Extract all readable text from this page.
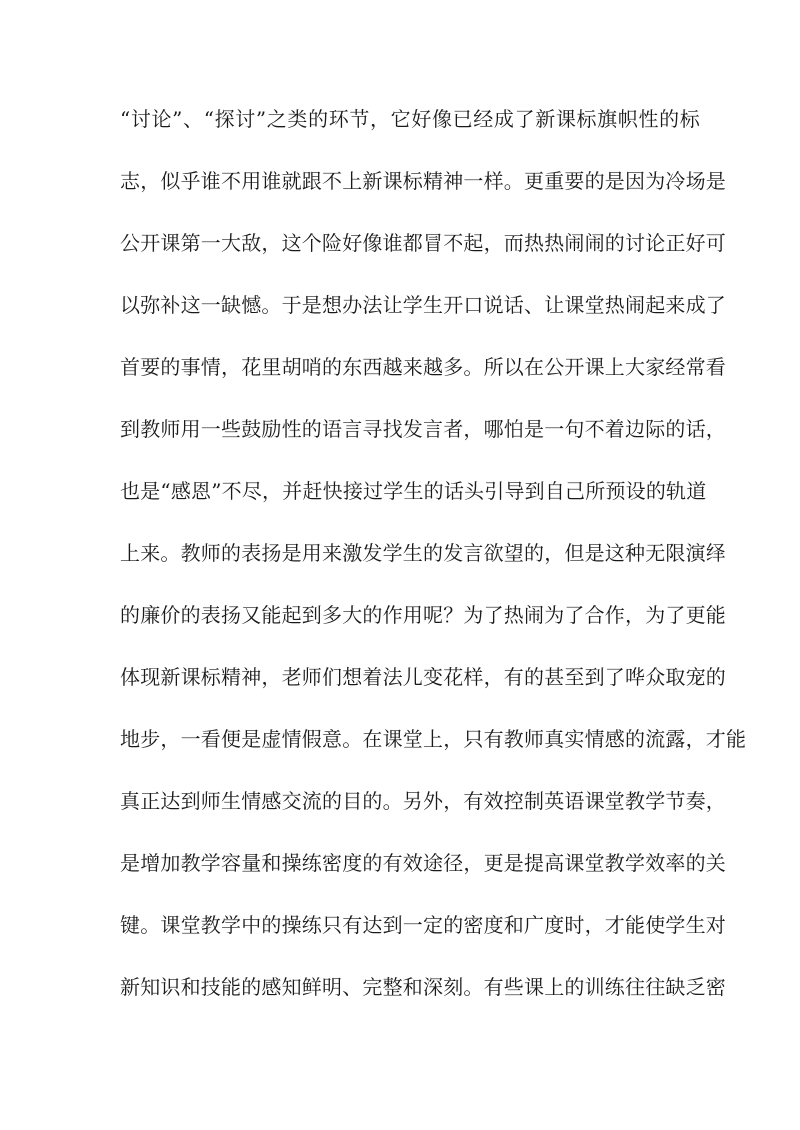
“讨论”、“探讨”之类的环节，它好像已经成了新课标旗帜性的标
志，似乎谁不用谁就跟不上新课标精神一样。更重要的是因为冷场是
公开课第一大敌，这个险好像谁都冒不起，而热热闹闹的讨论正好可
以弥补这一缺憾。于是想办法让学生开口说话、让课堂热闹起来成了
首要的事情，花里胡哨的东西越来越多。所以在公开课上大家经常看
到教师用一些鼓励性的语言寻找发言者，哪怕是一句不着边际的话，
也是“感恩”不尽，并赶快接过学生的话头引导到自己所预设的轨道
上来。教师的表扬是用来激发学生的发言欲望的，但是这种无限演绎
的廉价的表扬又能起到多大的作用呢？为了热闹为了合作，为了更能
体现新课标精神，老师们想着法儿变花样，有的甚至到了哗众取宠的
地步，一看便是虚情假意。在课堂上，只有教师真实情感的流露，才能
真正达到师生情感交流的目的。另外，有效控制英语课堂教学节奏，
是增加教学容量和操练密度的有效途径，更是提高课堂教学效率的关
键。课堂教学中的操练只有达到一定的密度和广度时，才能使学生对
新知识和技能的感知鲜明、完整和深刻。有些课上的训练往往缺乏密
